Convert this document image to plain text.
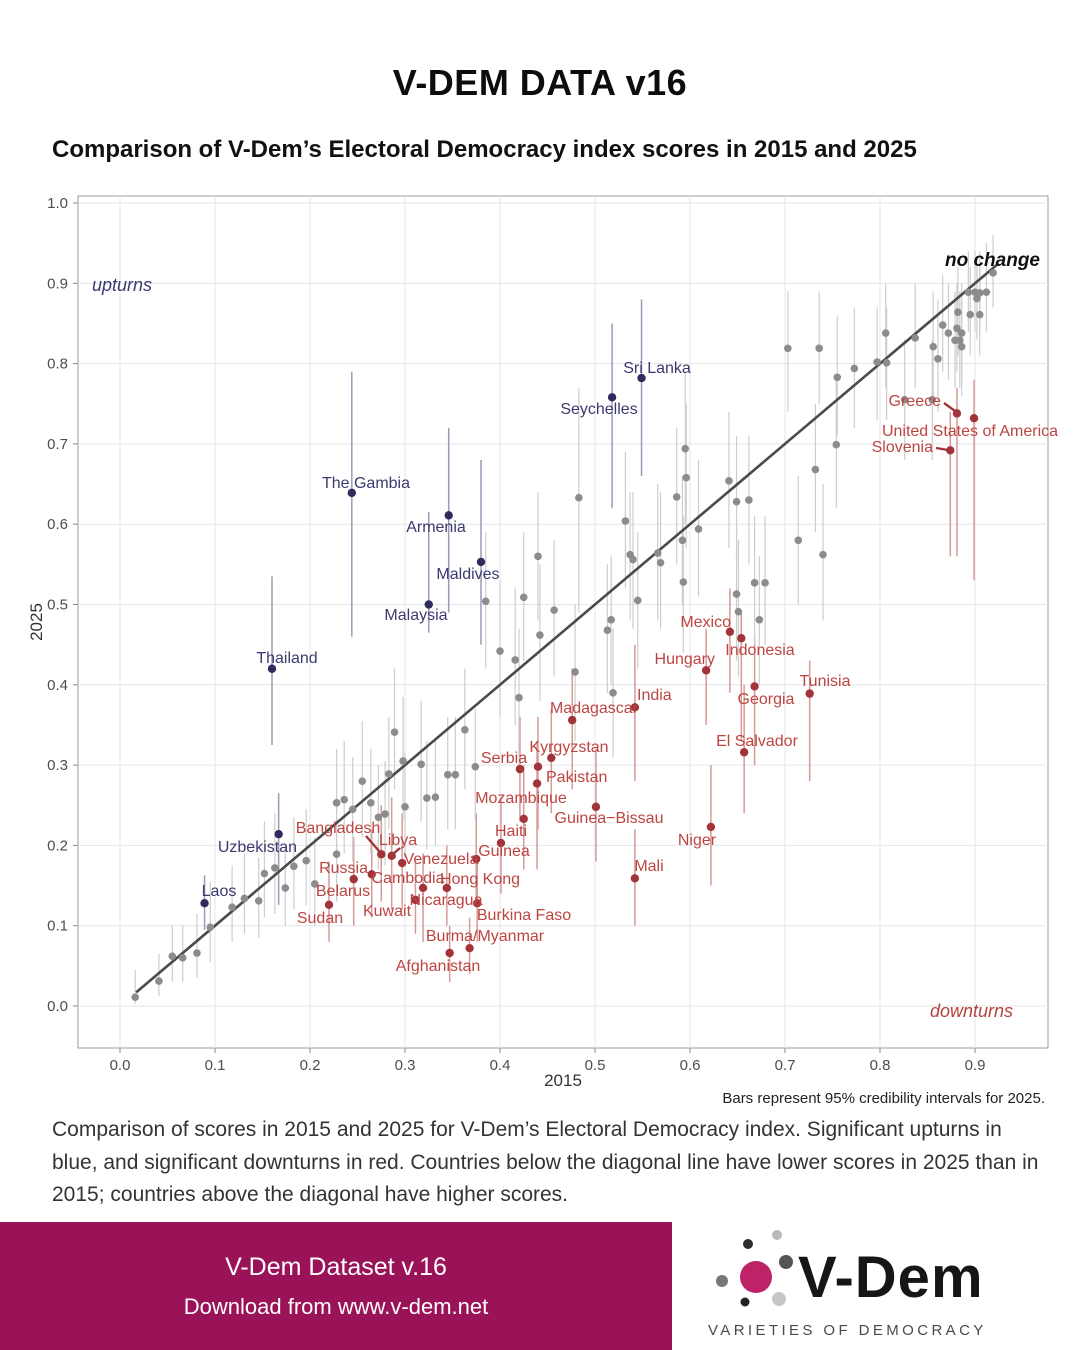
V-DEM DATA v16
Comparison of V-Dem’s Electoral Democracy index scores in 2015 and 2025
0.0	0.1	0.2	0.3	0.4	0.5	0.6	0.7	0.8	0.9
0.0
0.1
0.2
0.3
0.4
0.5
0.6
0.7
0.8
0.9
1.0
Sri Lanka
Seychelles
The Gambia
Armenia
Maldives
Malaysia
Thailand
Uzbekistan
Laos
Greece
United States of America
Slovenia
Mexico
Indonesia
Hungary
Georgia
Tunisia
India
Madagascar
El Salvador
Kyrgyzstan
Serbia
Pakistan
Mozambique
Guinea−Bissau
Haiti
Guinea
Niger
Mali
Bangladesh
Libya
Venezuela
Cambodia
Russia
Hong Kong
Nicaragua
Kuwait
Belarus
Sudan	Burkina Faso
Burma/Myanmar
Afghanistan
upturns
downturns
no change
2015
2025
Bars represent 95% credibility intervals for 2025.
Comparison of scores in 2015 and 2025 for V-Dem’s Electoral Democracy index. Significant upturns in blue, and significant downturns in red. Countries below the diagonal line have lower scores in 2025 than in 2015; countries above the diagonal have higher scores.
V-Dem Dataset v.16
Download from www.v-dem.net	V-Dem
VARIETIES OF DEMOCRACY
